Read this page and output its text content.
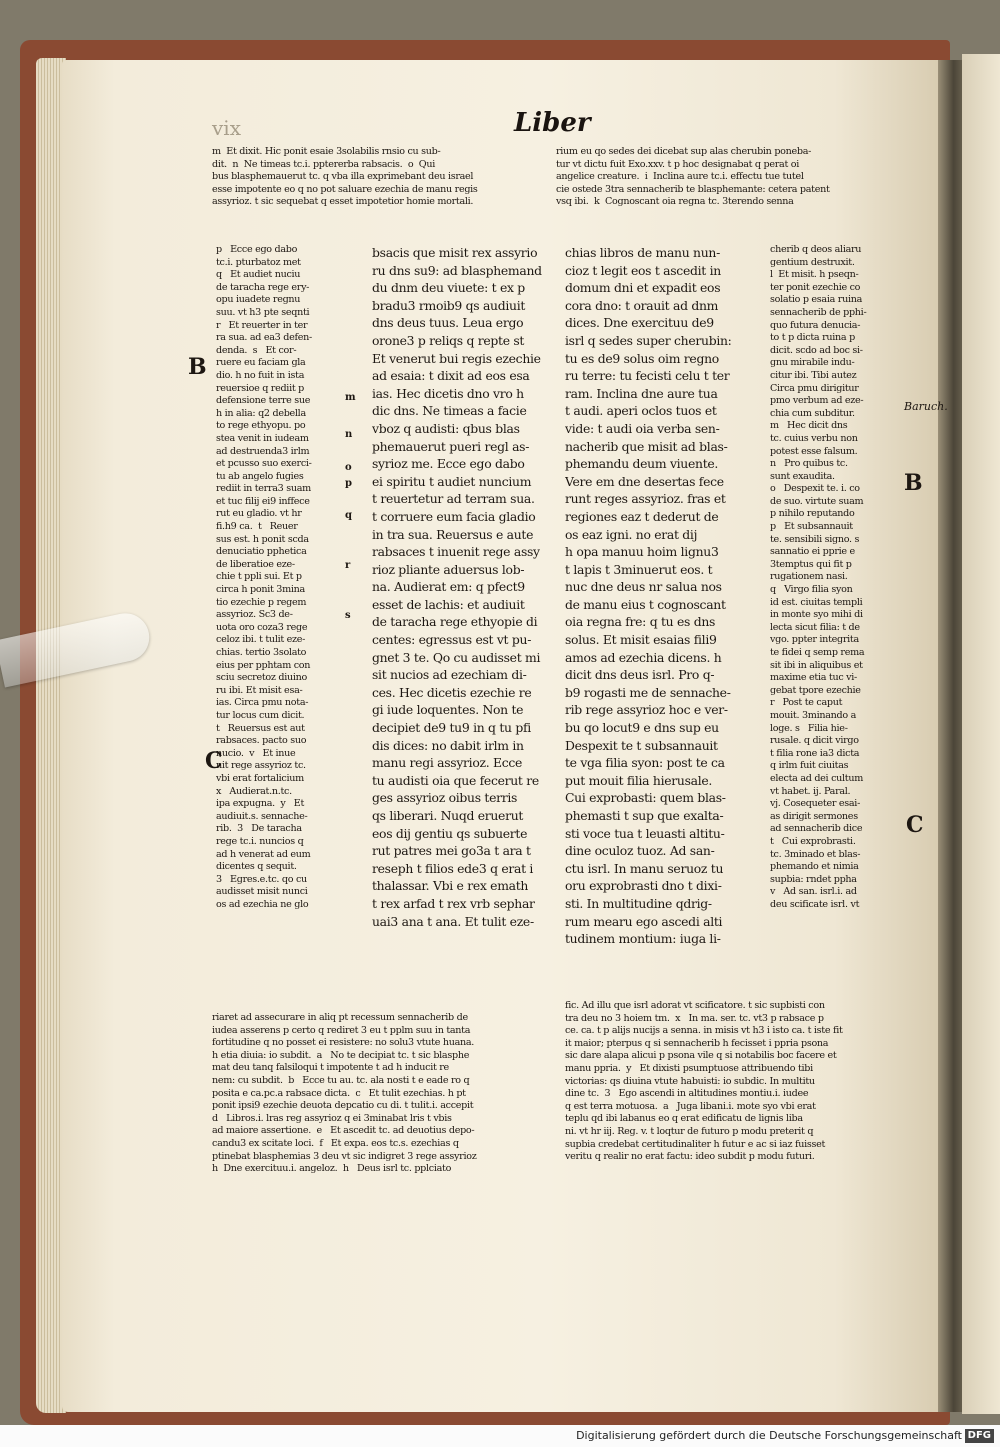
vix	Liber
m  Et dixit. Hic ponit esaie 3solabilis rnsio cu sub-
dit.  n  Ne timeas tc.i. pptererba rabsacis.  o  Qui
bus blasphemauerut tc. q vba illa exprimebant deu israel
esse impotente eo q no pot saluare ezechia de manu regis
assyrioz. t sic sequebat q esset impotetior homie mortali.
rium eu qo sedes dei dicebat sup alas cherubin poneba-
tur vt dictu fuit Exo.xxv. t p hoc designabat q perat oi
angelice creature.  i  Inclina aure tc.i. effectu tue tutel
cie ostede 3tra sennacherib te blasphemante: cetera patent
vsq ibi.  k  Cognoscant oia regna tc. 3terendo senna
p   Ecce ego dabo
tc.i. pturbatoz met
q   Et audiet nuciu
de taracha rege ery-
opu iuadete regnu
suu. vt h3 pte seqnti
r   Et reuerter in ter
ra sua. ad ea3 defen-
denda.  s   Et cor-
ruere eu faciam gla
dio. h no fuit in ista
reuersioe q rediit p
defensione terre sue
h in alia: q2 debella
to rege ethyopu. po
stea venit in iudeam
ad destruenda3 irlm
et pcusso suo exerci-
tu ab angelo fugies
rediit in terra3 suam
et tuc filij ei9 inffece
rut eu gladio. vt hr
fi.h9 ca.  t   Reuer
sus est. h ponit scda
denuciatio pphetica
de liberatioe eze-
chie t ppli sui. Et p
circa h ponit 3mina
tio ezechie p regem
assyrioz. Sc3 de-
uota oro coza3 rege
celoz ibi. t tulit eze-
chias. tertio 3solato
eius per pphtam con
sciu secretoz diuino
ru ibi. Et misit esa-
ias. Circa pmu nota-
tur locus cum dicit.
t   Reuersus est aut
rabsaces. pacto suo
nucio.  v   Et inue
nit rege assyrioz tc.
vbi erat fortalicium
x   Audierat.n.tc.
ipa expugna.  y   Et
audiuit.s. sennache-
rib.  3   De taracha
rege tc.i. nuncios q
ad h venerat ad eum
dicentes q sequit.
3   Egres.e.tc. qo cu
audisset misit nunci
os ad ezechia ne glo
bsacis que misit rex assyrio
ru dns su9: ad blasphemand
du dnm deu viuete: t ex p
bradu3 rmoib9 qs audiuit
dns deus tuus. Leua ergo
orone3 p reliqs q repte st
Et venerut bui regis ezechie
ad esaia: t dixit ad eos esa
ias. Hec dicetis dno vro h
dic dns. Ne timeas a facie
vboz q audisti: qbus blas
phemauerut pueri regl as-
syrioz me. Ecce ego dabo
ei spiritu t audiet nuncium
t reuertetur ad terram sua.
t corruere eum facia gladio
in tra sua. Reuersus e aute
rabsaces t inuenit rege assy
rioz pliante aduersus lob-
na. Audierat em: q pfect9
esset de lachis: et audiuit
de taracha rege ethyopie di
centes: egressus est vt pu-
gnet 3 te. Qo cu audisset mi
sit nucios ad ezechiam di-
ces. Hec dicetis ezechie re
gi iude loquentes. Non te
decipiet de9 tu9 in q tu pfi
dis dices: no dabit irlm in
manu regi assyrioz. Ecce
tu audisti oia que fecerut re
ges assyrioz oibus terris
qs liberari. Nuqd eruerut
eos dij gentiu qs subuerte
rut patres mei go3a t ara t
reseph t filios ede3 q erat i
thalassar. Vbi e rex emath
t rex arfad t rex vrb sephar
uai3 ana t ana. Et tulit eze-
chias libros de manu nun-
cioz t legit eos t ascedit in
domum dni et expadit eos
cora dno: t orauit ad dnm
dices. Dne exercituu de9
isrl q sedes super cherubin:
tu es de9 solus oim regno
ru terre: tu fecisti celu t ter
ram. Inclina dne aure tua
t audi. aperi oclos tuos et
vide: t audi oia verba sen-
nacherib que misit ad blas-
phemandu deum viuente.
Vere em dne desertas fece
runt reges assyrioz. fras et
regiones eaz t dederut de
os eaz igni. no erat dij
h opa manuu hoim lignu3
t lapis t 3minuerut eos. t
nuc dne deus nr salua nos
de manu eius t cognoscant
oia regna fre: q tu es dns
solus. Et misit esaias fili9
amos ad ezechia dicens. h
dicit dns deus isrl. Pro q-
b9 rogasti me de sennache-
rib rege assyrioz hoc e ver-
bu qo locut9 e dns sup eu
Despexit te t subsannauit
te vga filia syon: post te ca
put mouit filia hierusale.
Cui exprobasti: quem blas-
phemasti t sup que exalta-
sti voce tua t leuasti altitu-
dine oculoz tuoz. Ad san-
ctu isrl. In manu seruoz tu
oru exprobrasti dno t dixi-
sti. In multitudine qdrig-
rum mearu ego ascedi alti
tudinem montium: iuga li-
cherib q deos aliaru
gentium destruxit.
l  Et misit. h pseqn-
ter ponit ezechie co
solatio p esaia ruina
sennacherib de pphi-
quo futura denucia-
to t p dicta ruina p
dicit. scdo ad boc si-
gnu mirabile indu-
citur ibi. Tibi autez
Circa pmu dirigitur
pmo verbum ad eze-
chia cum subditur.
m   Hec dicit dns
tc. cuius verbu non
potest esse falsum.
n   Pro quibus tc.
sunt exaudita.
o   Despexit te. i. co
de suo. virtute suam
p nihilo reputando
p   Et subsannauit
te. sensibili signo. s
sannatio ei pprie e
3temptus qui fit p
rugationem nasi.
q   Virgo filia syon
id est. ciuitas templi
in monte syo mihi di
lecta sicut filia: t de
vgo. ppter integrita
te fidei q semp rema
sit ibi in aliquibus et
maxime etia tuc vi-
gebat tpore ezechie
r   Post te caput
mouit. 3minando a
loge. s   Filia hie-
rusale. q dicit virgo
t filia rone ia3 dicta
q irlm fuit ciuitas
electa ad dei cultum
vt habet. ij. Paral.
vj. Cosequeter esai-
as dirigit sermones
ad sennacherib dice
t   Cui exprobrasti.
tc. 3minado et blas-
phemando et nimia
supbia: rndet ppha
v   Ad san. isrl.i. ad
deu scificate isrl. vt
riaret ad assecurare in aliq pt recessum sennacherib de
iudea asserens p certo q rediret 3 eu t pplm suu in tanta
fortitudine q no posset ei resistere: no solu3 vtute huana.
h etia diuia: io subdit.  a   No te decipiat tc. t sic blasphe
mat deu tanq falsiloqui t impotente t ad h inducit re
nem: cu subdit.  b   Ecce tu au. tc. ala nosti t e eade ro q
posita e ca.pc.a rabsace dicta.  c   Et tulit ezechias. h pt
ponit ipsi9 ezechie deuota depcatio cu di. t tulit.i. accepit
d   Libros.i. lras reg assyrioz q ei 3minabat lris t vbis
ad maiore assertione.  e   Et ascedit tc. ad deuotius depo-
candu3 ex scitate loci.  f   Et expa. eos tc.s. ezechias q
ptinebat blasphemias 3 deu vt sic indigret 3 rege assyrioz
h  Dne exercituu.i. angeloz.  h   Deus isrl tc. pplciato
fic. Ad illu que isrl adorat vt scificatore. t sic supbisti con
tra deu no 3 hoiem tm.  x   In ma. ser. tc. vt3 p rabsace p
ce. ca. t p alijs nucijs a senna. in misis vt h3 i isto ca. t iste fit
it maior; pterpus q si sennacherib h fecisset i ppria psona
sic dare alapa alicui p psona vile q si notabilis boc facere et
manu ppria.  y   Et dixisti psumptuose attribuendo tibi
victorias: qs diuina vtute habuisti: io subdic. In multitu
dine tc.  3   Ego ascendi in altitudines montiu.i. iudee
q est terra motuosa.  a   Juga libani.i. mote syo vbi erat
teplu qd ibi labanus eo q erat edificatu de lignis liba
ni. vt hr iij. Reg. v. t loqtur de futuro p modu preterit q
supbia credebat certitudinaliter h futur e ac si iaz fuisset
veritu q realir no erat factu: ideo subdit p modu futuri.
m
n
o
p
q
r
s
B
C
B
C
Baruch.
Digitalisierung gefördert durch die Deutsche Forschungsgemeinschaft DFG
